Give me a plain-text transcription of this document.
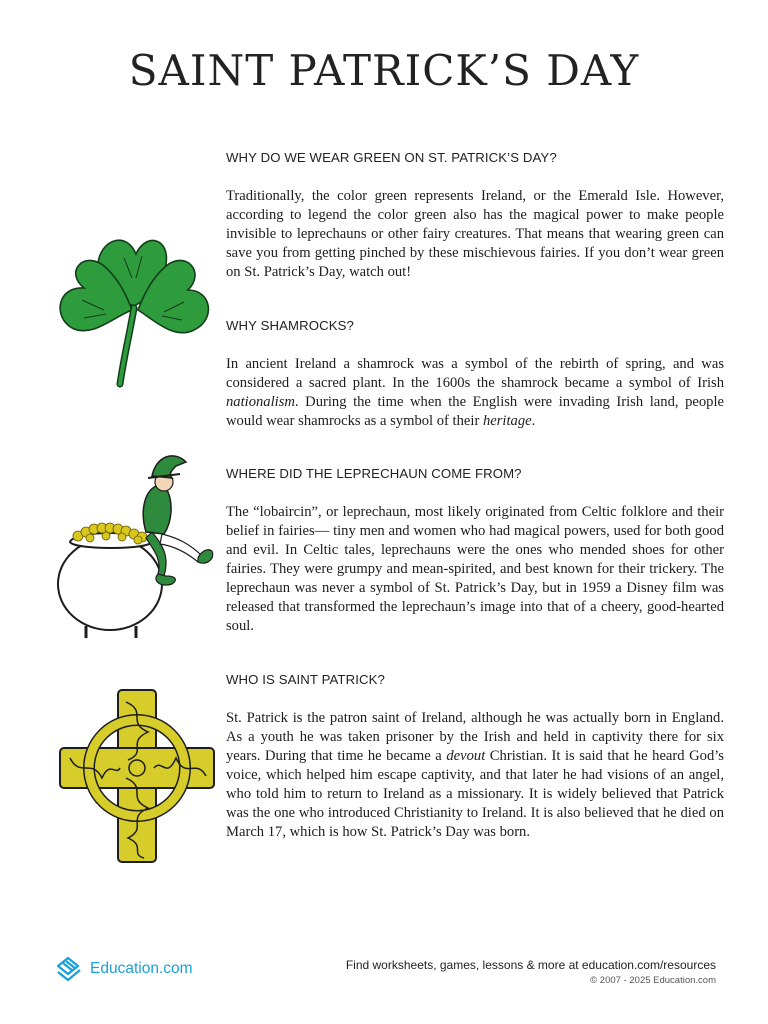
SAINT PATRICK’S DAY
WHY DO WE WEAR GREEN ON ST. PATRICK’S DAY?

Traditionally, the color green represents Ireland, or the Emerald Isle. However, according to legend the color green also has the magical power to make people invisible to leprechauns or other fairy creatures. That means that wearing green can save you from getting pinched by these mischievous fairies. If you don’t wear green on St. Patrick’s Day, watch out!

WHY SHAMROCKS?

In ancient Ireland a shamrock was a symbol of the rebirth of spring, and was considered a sacred plant. In the 1600s the shamrock became a symbol of Irish nationalism. During the time when the English were invading Irish land, people would wear shamrocks as a symbol of their heritage.

WHERE DID THE LEPRECHAUN COME FROM?

The “lobaircin”, or leprechaun, most likely originated from Celtic folklore and their belief in fairies— tiny men and women who had magical powers, used for both good and evil. In Celtic tales, leprechauns were the ones who mended shoes for other fairies. They were grumpy and mean-spirited, and best known for their trickery. The leprechaun was never a symbol of St. Patrick’s Day, but in 1959 a Disney film was released that transformed the leprechaun’s image into that of a cheery, good-hearted soul.

WHO IS SAINT PATRICK?

St. Patrick is the patron saint of Ireland, although he was actually born in England. As a youth he was taken prisoner by the Irish and held in captivity there for six years. During that time he became a devout Christian. It is said that he heard God’s voice, which helped him escape captivity, and that later he had visions of an angel, who told him to return to Ireland as a missionary. It is widely believed that Patrick was the one who introduced Christianity to Ireland. It is also believed that he died on March 17, which is how St. Patrick’s Day was born.

Education.com	Find worksheets, games, lessons & more at education.com/resources
© 2007 - 2025 Education.com
